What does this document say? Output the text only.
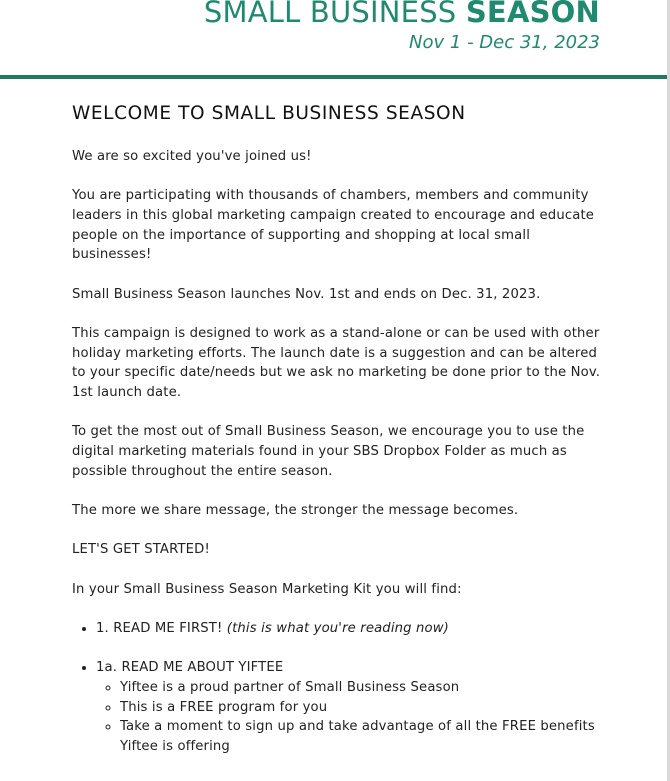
SMALL BUSINESS SEASON
Nov 1 - Dec 31, 2023
WELCOME TO SMALL BUSINESS SEASON

We are so excited you've joined us!

You are participating with thousands of chambers, members and community leaders in this global marketing campaign created to encourage and educate people on the importance of supporting and shopping at local small businesses!

Small Business Season launches Nov. 1st and ends on Dec. 31, 2023.

This campaign is designed to work as a stand-alone or can be used with other holiday marketing efforts. The launch date is a suggestion and can be altered to your specific date/needs but we ask no marketing be done prior to the Nov. 1st launch date.

To get the most out of Small Business Season, we encourage you to use the digital marketing materials found in your SBS Dropbox Folder as much as possible throughout the entire season.

The more we share message, the stronger the message becomes.

LET'S GET STARTED!

In your Small Business Season Marketing Kit you will find:

• 1. READ ME FIRST! (this is what you're reading now)
• 1a. READ ME ABOUT YIFTEE
◦ Yiftee is a proud partner of Small Business Season
◦ This is a FREE program for you
◦ Take a moment to sign up and take advantage of all the FREE benefits Yiftee is offering
